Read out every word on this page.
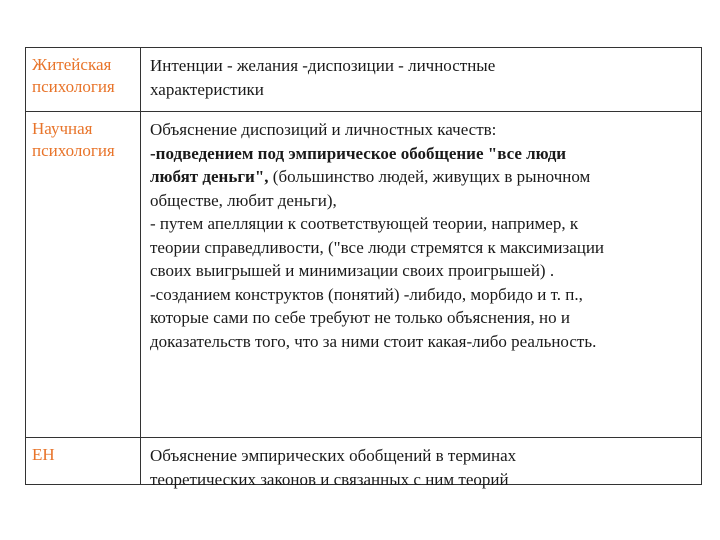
Житейская
психология
Интенции - желания -диспозиции - личностные
характеристики
Научная
психология
Объяснение диспозиций и личностных качеств:
-подведением под эмпирическое обобщение "все люди
любят деньги", (большинство людей, живущих в рыночном
обществе, любит деньги),
- путем апелляции к соответствующей теории, например, к
теории справедливости, ("все люди стремятся к максимизации
своих выигрышей и минимизации своих проигрышей) .
-созданием конструктов (понятий) -либидо, морбидо и т. п.,
которые сами по себе требуют не только объяснения, но и
доказательств того, что за ними стоит какая-либо реальность.
ЕН	Объяснение эмпирических обобщений в терминах
теоретических законов и связанных с ним теорий
